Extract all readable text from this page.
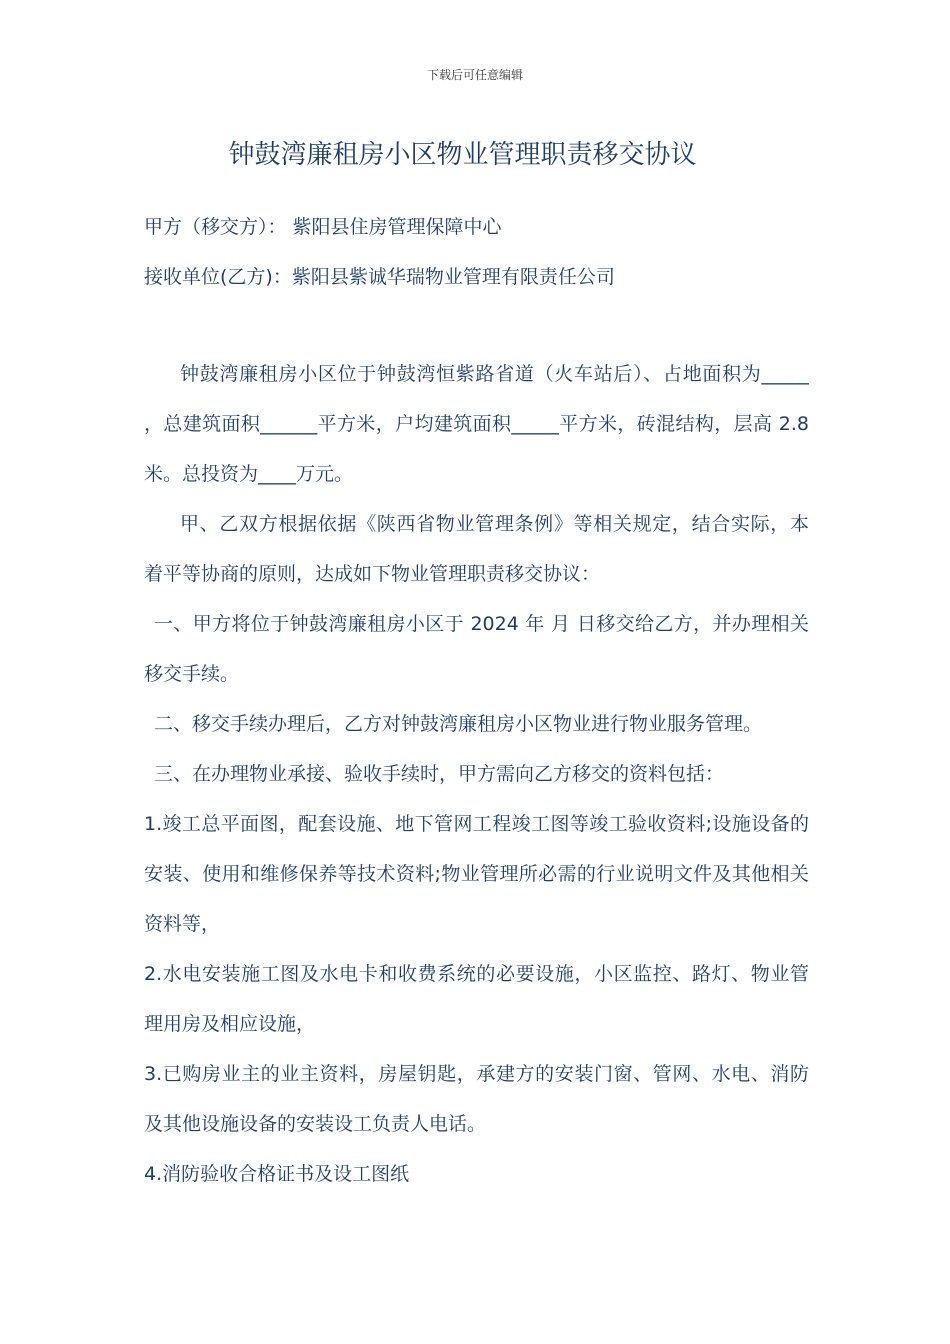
下载后可任意编辑
钟鼓湾廉租房小区物业管理职责移交协议
甲方（移交方）： 紫阳县住房管理保障中心
接收单位(乙方)：紫阳县紫诚华瑞物业管理有限责任公司
钟鼓湾廉租房小区位于钟鼓湾恒紫路省道（火车站后）、占地面积为_____
，总建筑面积______平方米，户均建筑面积_____平方米，砖混结构，层高 2.8
米。总投资为____万元。
甲、乙双方根据依据《陕西省物业管理条例》等相关规定，结合实际，本
着平等协商的原则，达成如下物业管理职责移交协议：
一、甲方将位于钟鼓湾廉租房小区于 2024 年 月 日移交给乙方，并办理相关
移交手续。
二、移交手续办理后，乙方对钟鼓湾廉租房小区物业进行物业服务管理。
三、在办理物业承接、验收手续时，甲方需向乙方移交的资料包括：
1.竣工总平面图，配套设施、地下管网工程竣工图等竣工验收资料;设施设备的
安装、使用和维修保养等技术资料;物业管理所必需的行业说明文件及其他相关
资料等，
2.水电安装施工图及水电卡和收费系统的必要设施，小区监控、路灯、物业管
理用房及相应设施，
3.已购房业主的业主资料，房屋钥匙，承建方的安装门窗、管网、水电、消防
及其他设施设备的安装设工负责人电话。
4.消防验收合格证书及设工图纸
